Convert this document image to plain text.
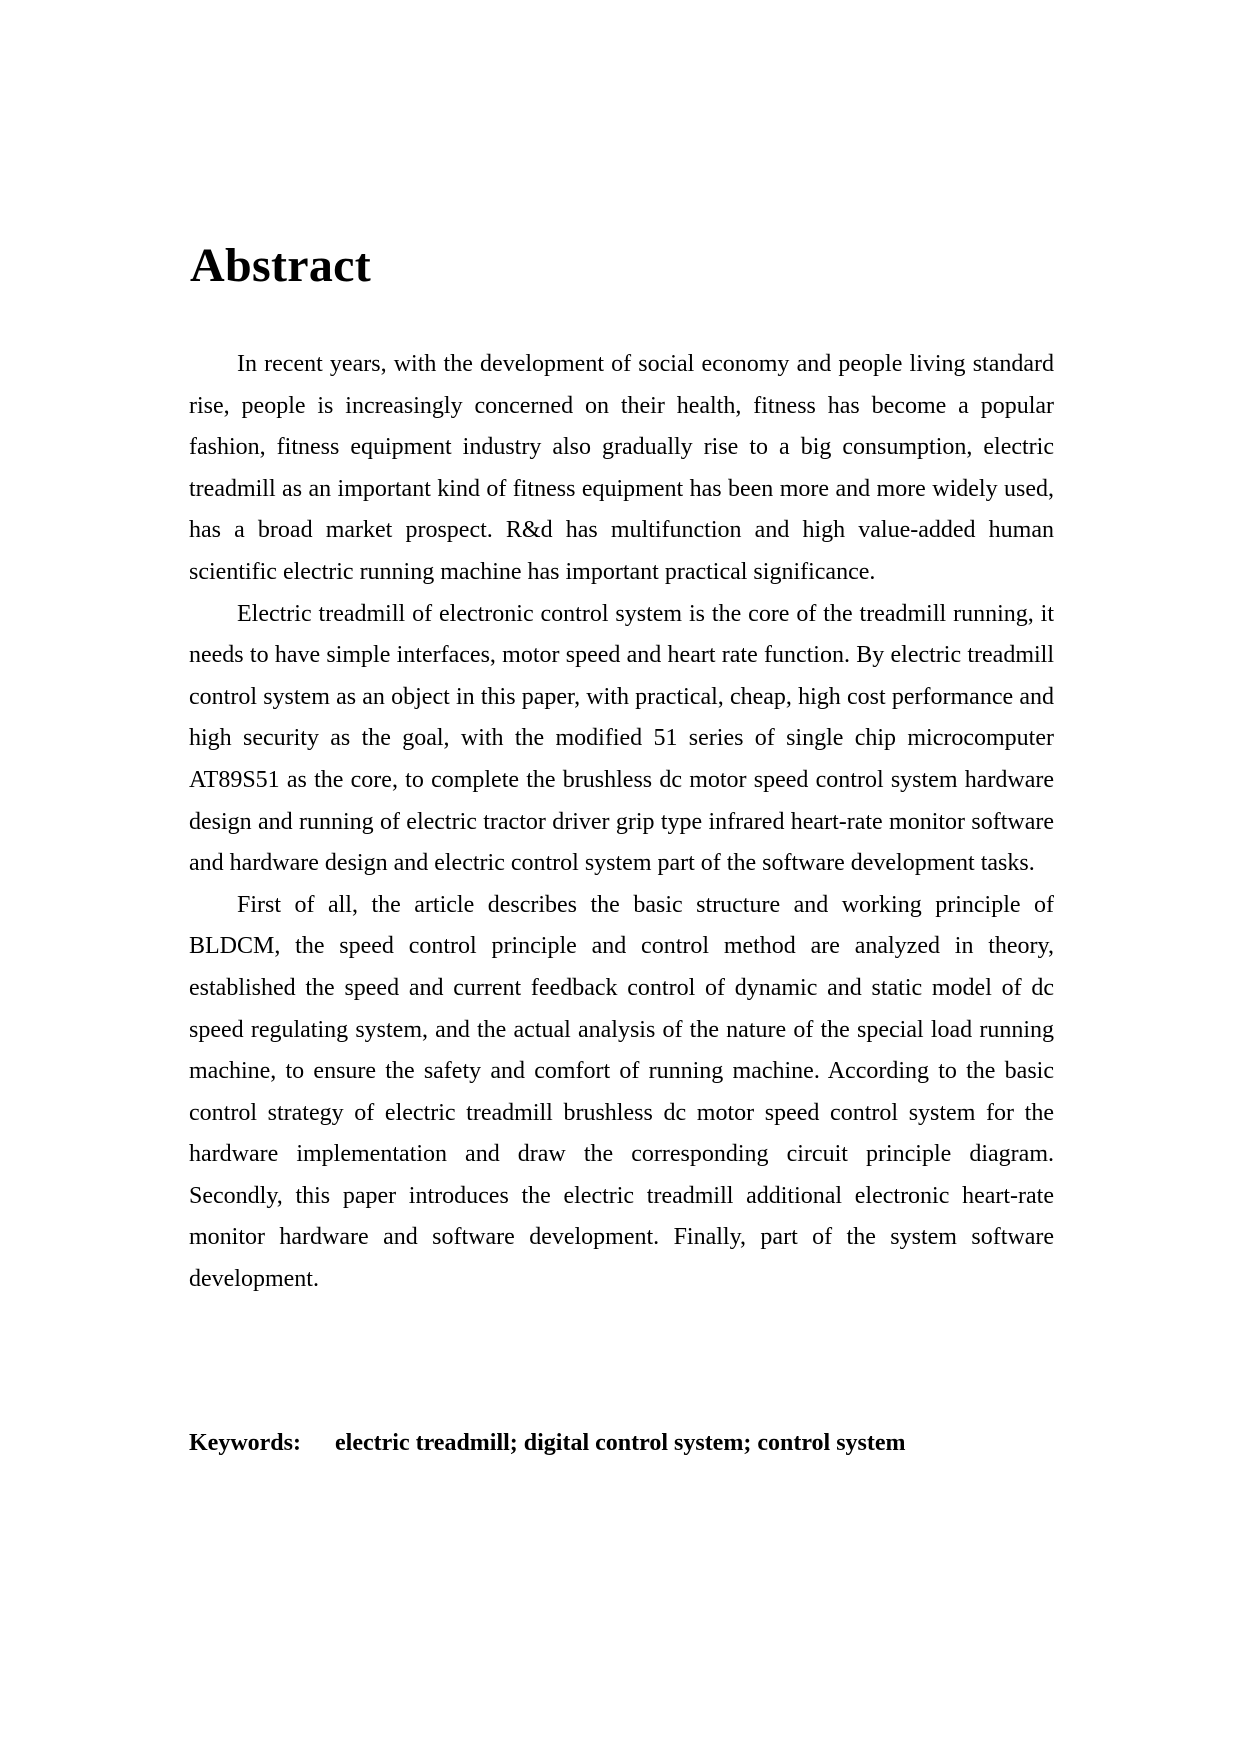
Abstract

In recent years, with the development of social economy and people living standard rise, people is increasingly concerned on their health, fitness has become a popular fashion, fitness equipment industry also gradually rise to a big consumption, electric treadmill as an important kind of fitness equipment has been more and more widely used, has a broad market prospect. R&d has multifunction and high value-added human scientific electric running machine has important practical significance.

Electric treadmill of electronic control system is the core of the treadmill running, it needs to have simple interfaces, motor speed and heart rate function. By electric treadmill control system as an object in this paper, with practical, cheap, high cost performance and high security as the goal, with the modified 51 series of single chip microcomputer AT89S51 as the core, to complete the brushless dc motor speed control system hardware design and running of electric tractor driver grip type infrared heart-rate monitor software and hardware design and electric control system part of the software development tasks.

First of all, the article describes the basic structure and working principle of BLDCM, the speed control principle and control method are analyzed in theory, established the speed and current feedback control of dynamic and static model of dc speed regulating system, and the actual analysis of the nature of the special load running machine, to ensure the safety and comfort of running machine. According to the basic control strategy of electric treadmill brushless dc motor speed control system for the hardware implementation and draw the corresponding circuit principle diagram. Secondly, this paper introduces the electric treadmill additional electronic heart-rate monitor hardware and software development. Finally, part of the system software development.

Keywords: electric treadmill; digital control system; control system
